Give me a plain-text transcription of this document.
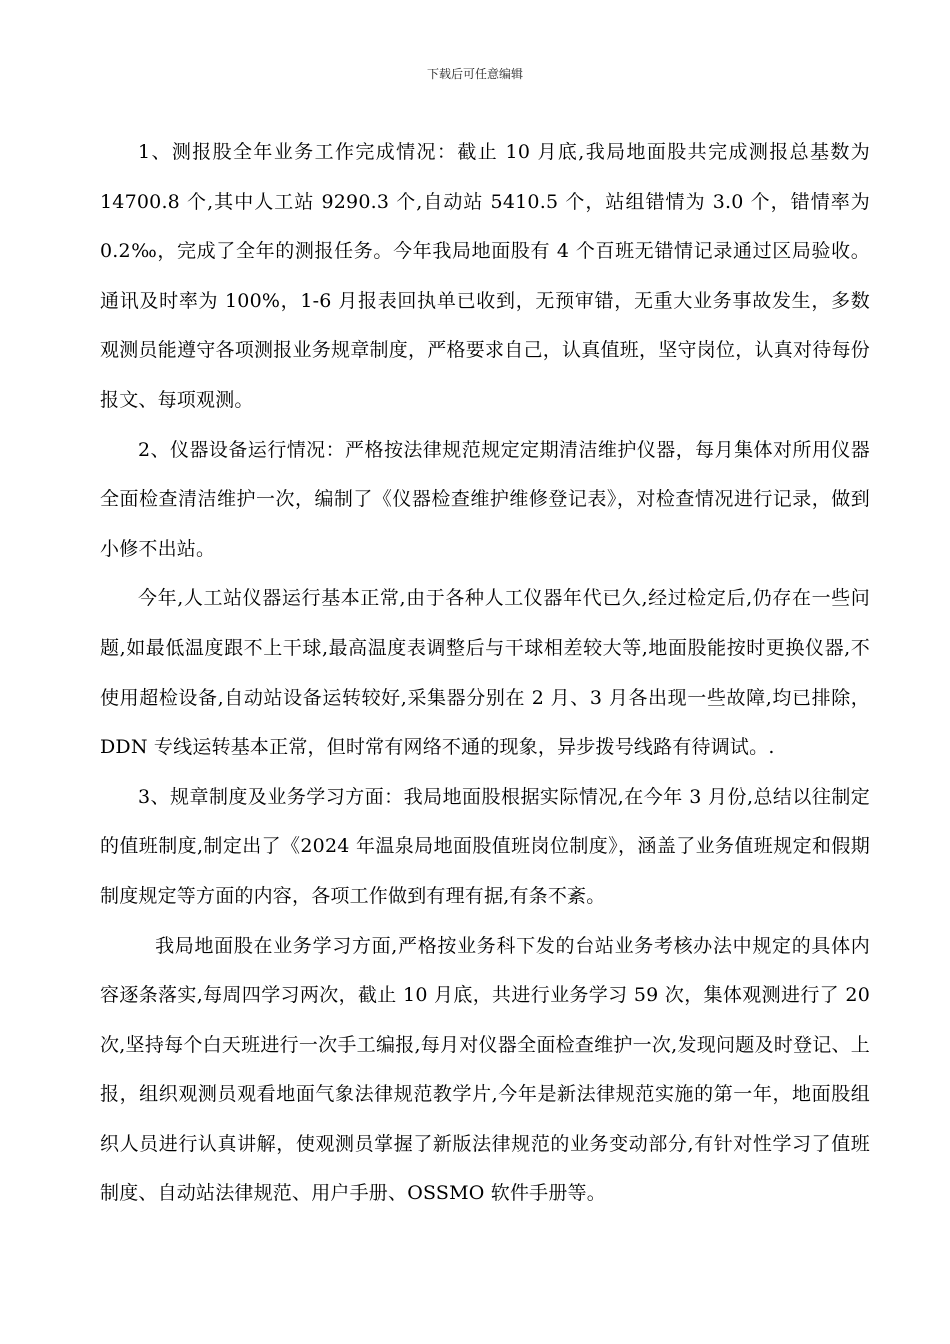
下载后可任意编辑

1、测报股全年业务工作完成情况：截止 10 月底,我局地面股共完成测报总基数为 14700.8 个,其中人工站 9290.3 个,自动站 5410.5 个，站组错情为 3.0 个，错情率为 0.2‰，完成了全年的测报任务。今年我局地面股有 4 个百班无错情记录通过区局验收。通讯及时率为 100%，1-6 月报表回执单已收到，无预审错，无重大业务事故发生，多数观测员能遵守各项测报业务规章制度，严格要求自己，认真值班，坚守岗位，认真对待每份报文、每项观测。

2、仪器设备运行情况：严格按法律规范规定定期清洁维护仪器，每月集体对所用仪器全面检查清洁维护一次，编制了《仪器检查维护维修登记表》，对检查情况进行记录，做到小修不出站。

今年,人工站仪器运行基本正常,由于各种人工仪器年代已久,经过检定后,仍存在一些问题,如最低温度跟不上干球,最高温度表调整后与干球相差较大等,地面股能按时更换仪器,不使用超检设备,自动站设备运转较好,采集器分别在 2 月、3 月各出现一些故障,均已排除，DDN 专线运转基本正常，但时常有网络不通的现象，异步拨号线路有待调试。.

3、规章制度及业务学习方面：我局地面股根据实际情况,在今年 3 月份,总结以往制定的值班制度,制定出了《2024 年温泉局地面股值班岗位制度》，涵盖了业务值班规定和假期制度规定等方面的内容，各项工作做到有理有据,有条不紊。

我局地面股在业务学习方面,严格按业务科下发的台站业务考核办法中规定的具体内容逐条落实,每周四学习两次，截止 10 月底，共进行业务学习 59 次，集体观测进行了 20 次,坚持每个白天班进行一次手工编报,每月对仪器全面检查维护一次,发现问题及时登记、上报，组织观测员观看地面气象法律规范教学片,今年是新法律规范实施的第一年，地面股组织人员进行认真讲解，使观测员掌握了新版法律规范的业务变动部分,有针对性学习了值班制度、自动站法律规范、用户手册、OSSMO 软件手册等。
